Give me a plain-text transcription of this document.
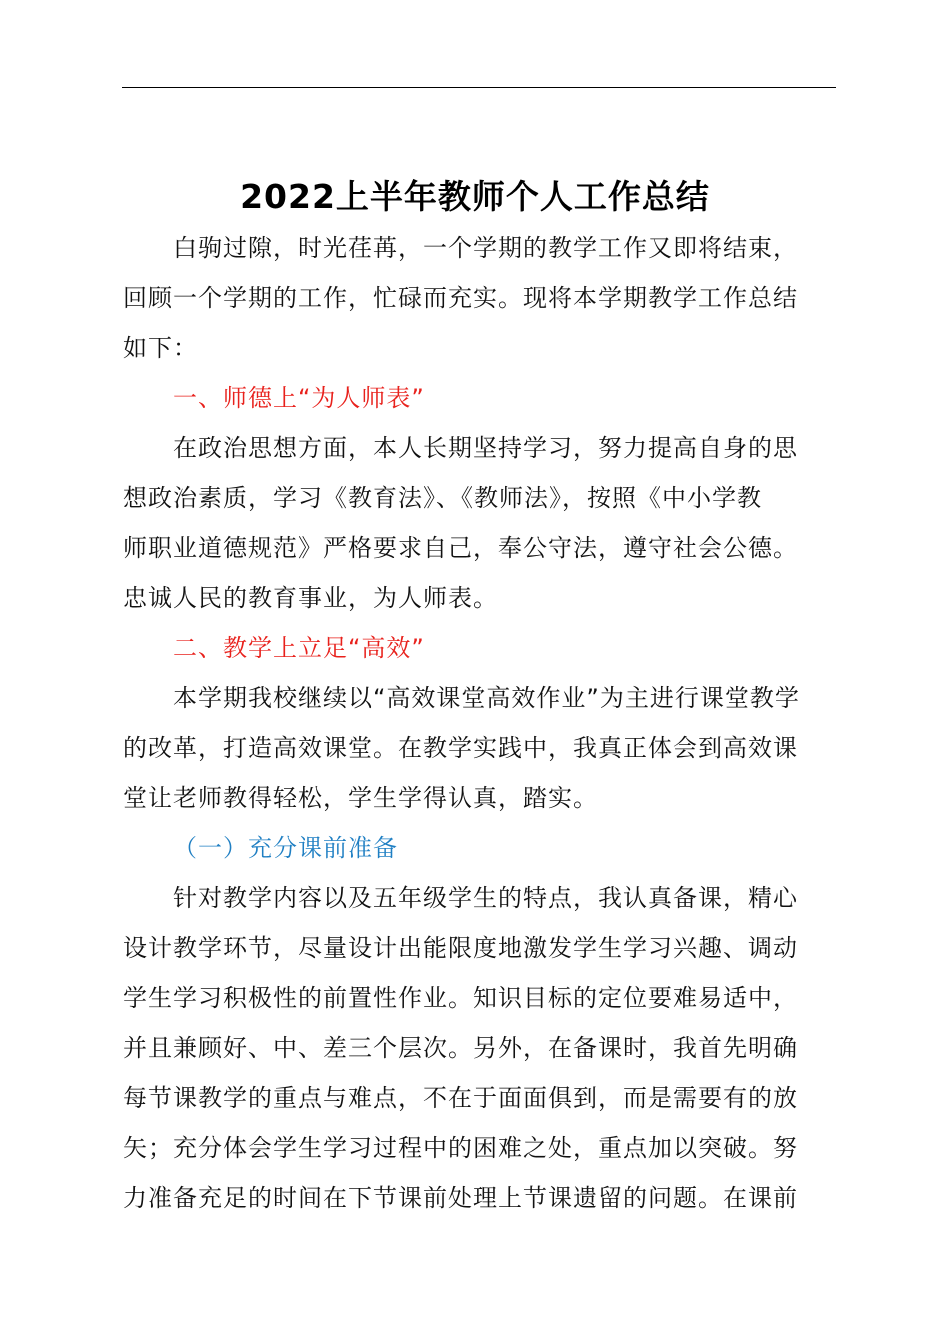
2022上半年教师个人工作总结
白驹过隙，时光荏苒，一个学期的教学工作又即将结束，
回顾一个学期的工作，忙碌而充实。现将本学期教学工作总结
如下：
一、师德上“为人师表”
在政治思想方面，本人长期坚持学习，努力提高自身的思
想政治素质，学习《教育法》、《教师法》，按照《中小学教
师职业道德规范》严格要求自己，奉公守法，遵守社会公德。
忠诚人民的教育事业，为人师表。
二、教学上立足“高效”
本学期我校继续以“高效课堂高效作业”为主进行课堂教学
的改革，打造高效课堂。在教学实践中，我真正体会到高效课
堂让老师教得轻松，学生学得认真，踏实。
（一）充分课前准备
针对教学内容以及五年级学生的特点，我认真备课，精心
设计教学环节，尽量设计出能限度地激发学生学习兴趣、调动
学生学习积极性的前置性作业。知识目标的定位要难易适中，
并且兼顾好、中、差三个层次。另外，在备课时，我首先明确
每节课教学的重点与难点，不在于面面俱到，而是需要有的放
矢；充分体会学生学习过程中的困难之处，重点加以突破。努
力准备充足的时间在下节课前处理上节课遗留的问题。在课前
